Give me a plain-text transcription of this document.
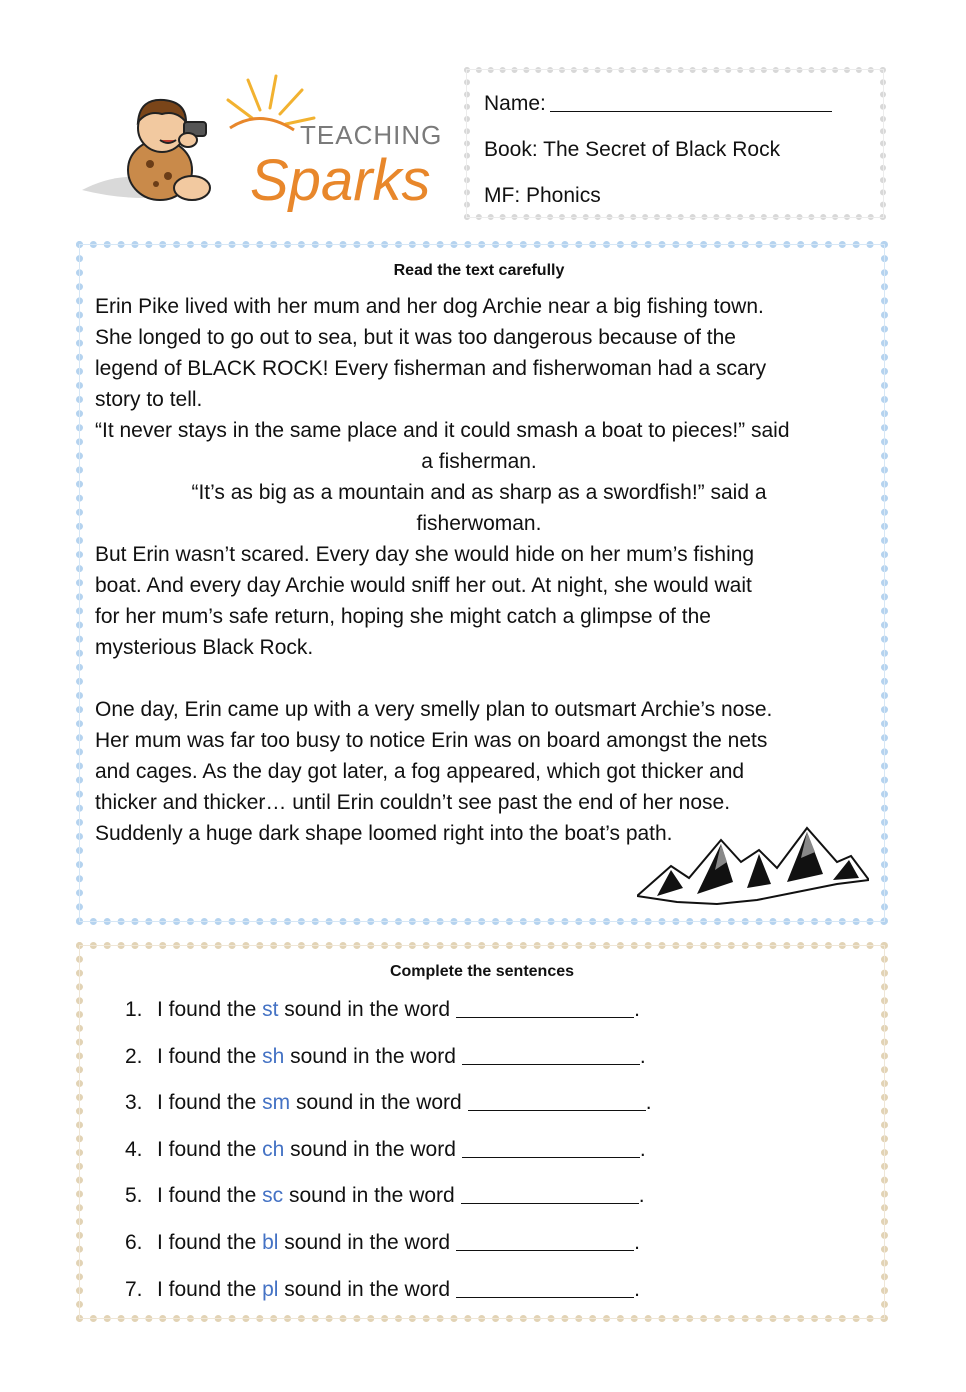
TEACHING
Sparks
Name:
Book: The Secret of Black Rock
MF: Phonics
Read the text carefully

Erin Pike lived with her mum and her dog Archie near a big fishing town.

She longed to go out to sea, but it was too dangerous because of the

legend of BLACK ROCK! Every fisherman and fisherwoman had a scary

story to tell.

“It never stays in the same place and it could smash a boat to pieces!” said

a fisherman.

“It’s as big as a mountain and as sharp as a swordfish!” said a

fisherwoman.

But Erin wasn’t scared. Every day she would hide on her mum’s fishing

boat. And every day Archie would sniff her out. At night, she would wait

for her mum’s safe return, hoping she might catch a glimpse of the

mysterious Black Rock.

One day, Erin came up with a very smelly plan to outsmart Archie’s nose.

Her mum was far too busy to notice Erin was on board amongst the nets

and cages. As the day got later, a fog appeared, which got thicker and

thicker and thicker… until Erin couldn’t see past the end of her nose.

Suddenly a huge dark shape loomed right into the boat’s path.

Complete the sentences
1. I found the st sound in the word	.
2. I found the sh sound in the word	.
3. I found the sm sound in the word	.
4. I found the ch sound in the word	.
5. I found the sc sound in the word	.
6. I found the bl sound in the word	.
7. I found the pl sound in the word	.
